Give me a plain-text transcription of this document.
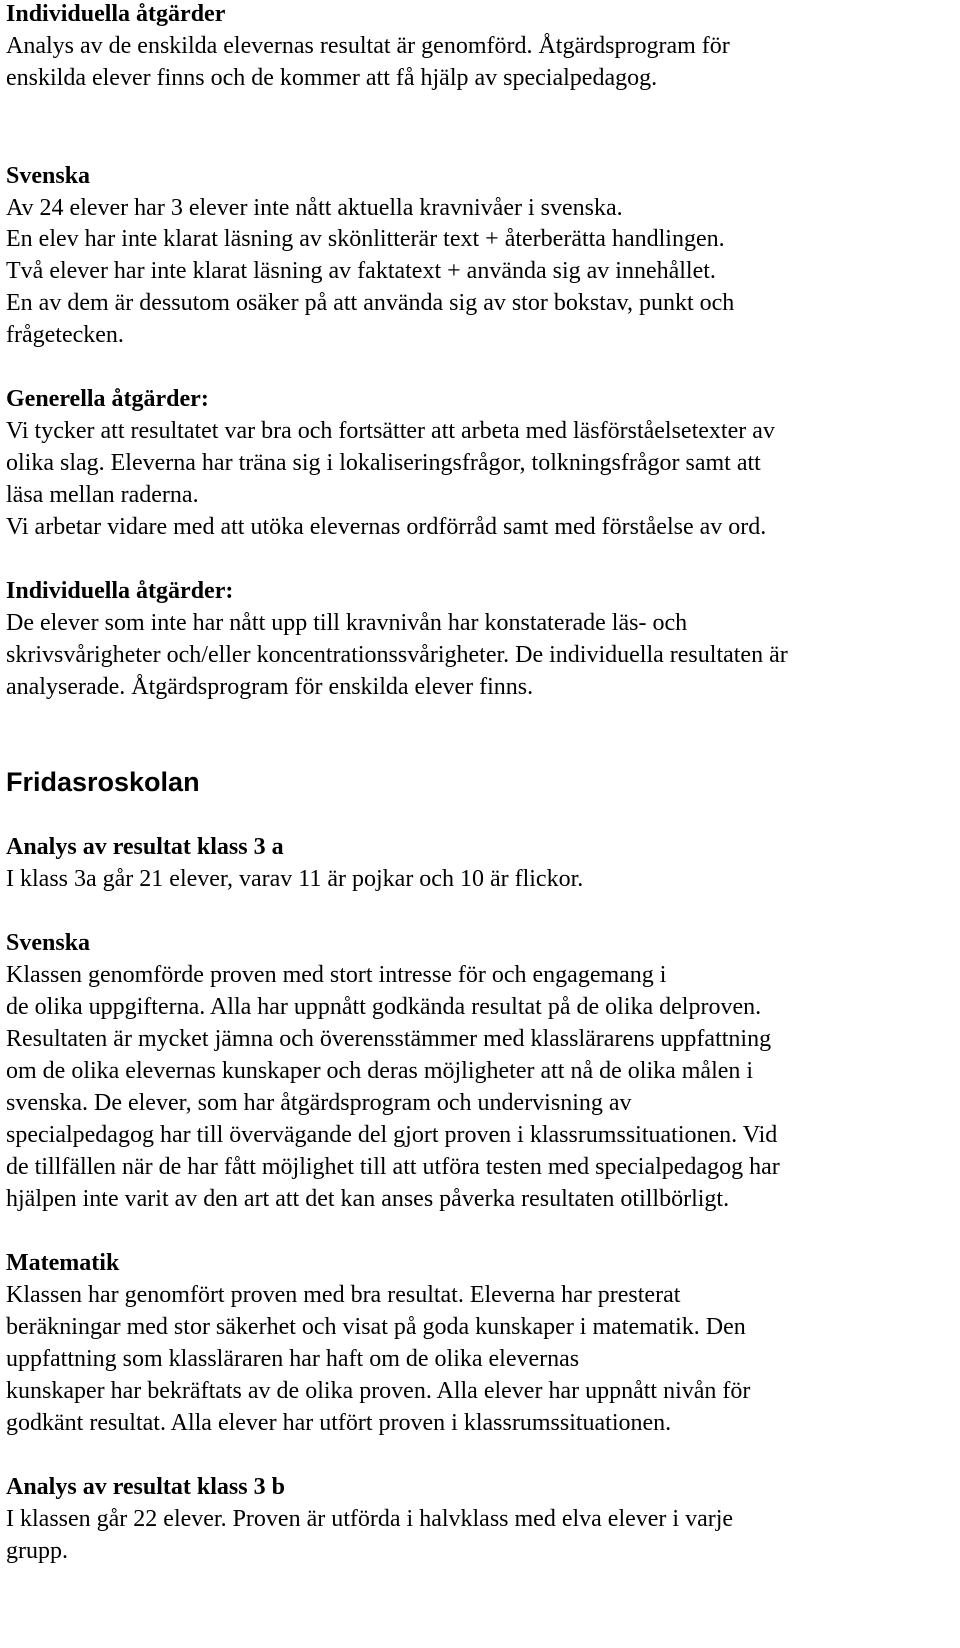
Individuella åtgärder
Analys av de enskilda elevernas resultat är genomförd. Åtgärdsprogram för
enskilda elever finns och de kommer att få hjälp av specialpedagog.
Svenska
Av 24 elever har 3 elever inte nått aktuella kravnivåer i svenska.
En elev har inte klarat läsning av skönlitterär text + återberätta handlingen.
Två elever har inte klarat läsning av faktatext + använda sig av innehållet.
En av dem är dessutom osäker på att använda sig av stor bokstav, punkt och
frågetecken.
Generella åtgärder:
Vi tycker att resultatet var bra och fortsätter att arbeta med läsförståelsetexter av
olika slag. Eleverna har träna sig i lokaliseringsfrågor, tolkningsfrågor samt att
läsa mellan raderna.
Vi arbetar vidare med att utöka elevernas ordförråd samt med förståelse av ord.
Individuella åtgärder:
De elever som inte har nått upp till kravnivån har konstaterade läs- och
skrivsvårigheter och/eller koncentrationssvårigheter. De individuella resultaten är
analyserade. Åtgärdsprogram för enskilda elever finns.
Fridasroskolan
Analys av resultat klass 3 a
I klass 3a går 21 elever, varav 11 är pojkar och 10 är flickor.
Svenska
Klassen genomförde proven med stort intresse för och engagemang i
de olika uppgifterna. Alla har uppnått godkända resultat på de olika delproven.
Resultaten är mycket jämna och överensstämmer med klasslärarens uppfattning
om de olika elevernas kunskaper och deras möjligheter att nå de olika målen i
svenska. De elever, som har åtgärdsprogram och undervisning av
specialpedagog har till övervägande del gjort proven i klassrumssituationen. Vid
de tillfällen när de har fått möjlighet till att utföra testen med specialpedagog har
hjälpen inte varit av den art att det kan anses påverka resultaten otillbörligt.
Matematik
Klassen har genomfört proven med bra resultat. Eleverna har presterat
beräkningar med stor säkerhet och visat på goda kunskaper i matematik. Den
uppfattning som klassläraren har haft om de olika elevernas
kunskaper har bekräftats av de olika proven. Alla elever har uppnått nivån för
godkänt resultat. Alla elever har utfört proven i klassrumssituationen.
Analys av resultat klass 3 b
I klassen går 22 elever. Proven är utförda i halvklass med elva elever i varje
grupp.
